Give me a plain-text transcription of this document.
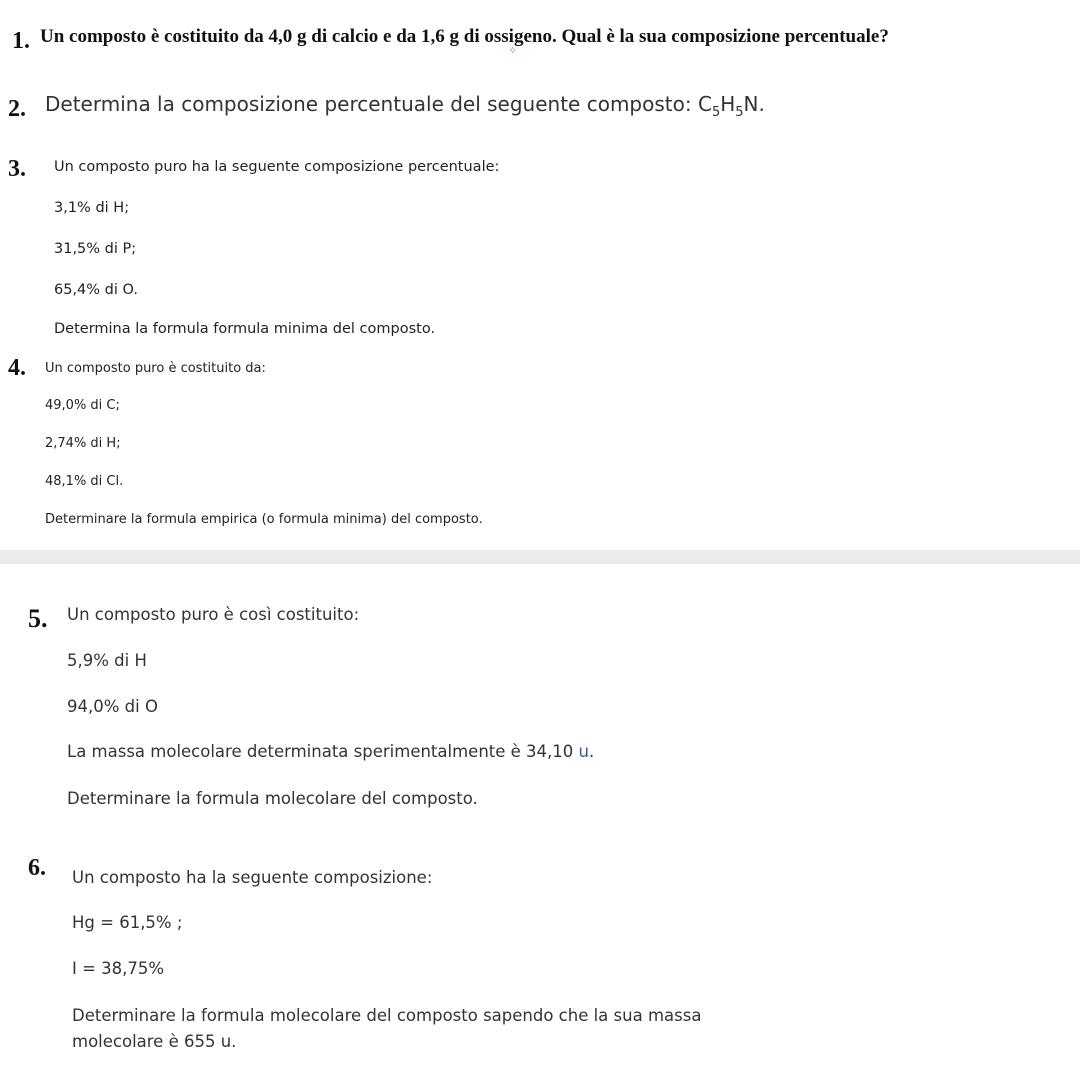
1. Un composto è costituito da 4,0 g di calcio e da 1,6 g di ossigeno. Qual è la sua composizione percentuale?
✧
2. Determina la composizione percentuale del seguente composto: $C_5H_5N$.
3. Un composto puro ha la seguente composizione percentuale:
3,1% di H;
31,5% di P;
65,4% di O.
Determina la formula formula minima del composto.
4. Un composto puro è costituito da:
49,0% di C;
2,74% di H;
48,1% di Cl.
Determinare la formula empirica (o formula minima) del composto.
5. Un composto puro è così costituito:
5,9% di H
94,0% di O
La massa molecolare determinata sperimentalmente è 34,10 u.
Determinare la formula molecolare del composto.
6. Un composto ha la seguente composizione:
Hg = 61,5% ;
I = 38,75%
Determinare la formula molecolare del composto sapendo che la sua massa
molecolare è 655 u.
